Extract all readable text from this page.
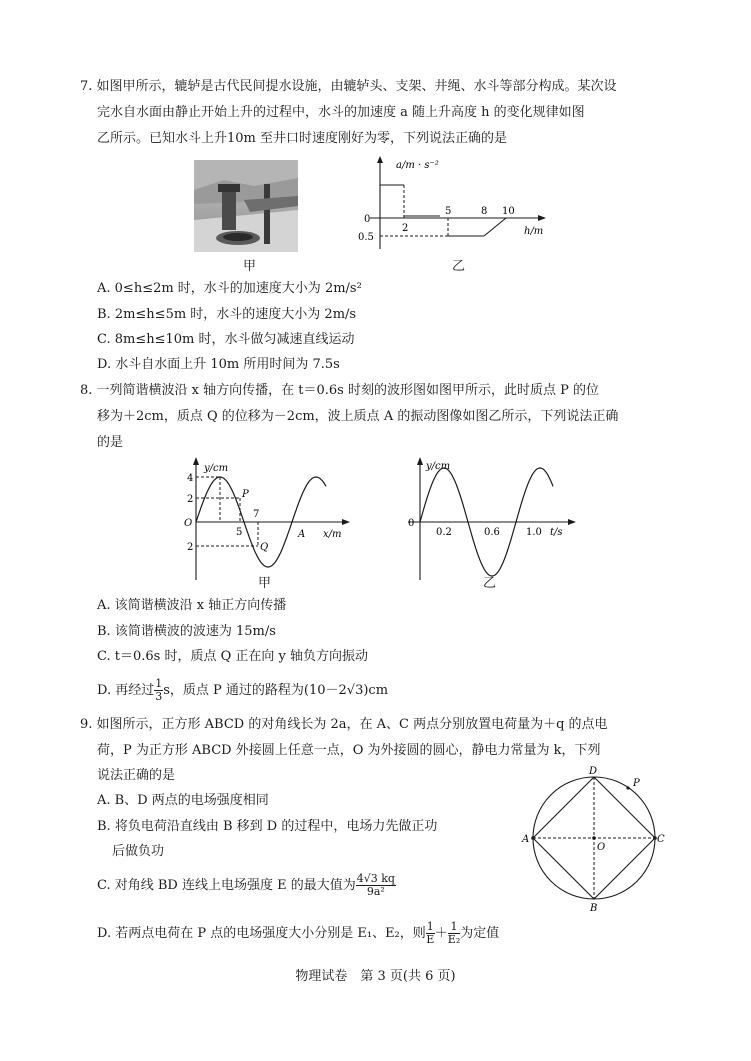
7. 如图甲所示，辘轳是古代民间提水设施，由辘轳头、支架、井绳、水斗等部分构成。某次设
完水自水面由静止开始上升的过程中，水斗的加速度 a 随上升高度 h 的变化规律如图
乙所示。已知水斗上升10m 至井口时速度刚好为零，下列说法正确的是
甲
a/m · s⁻²
h/m
0
0.5
2
5	8 10
乙
A. 0≤h≤2m 时，水斗的加速度大小为 2m/s²
B. 2m≤h≤5m 时，水斗的速度大小为 2m/s
C. 8m≤h≤10m 时，水斗做匀减速直线运动
D. 水斗自水面上升 10m 所用时间为 7.5s
8. 一列简谐横波沿 x 轴方向传播，在 t＝0.6s 时刻的波形图如图甲所示，此时质点 P 的位
移为＋2cm，质点 Q 的位移为－2cm，波上质点 A 的振动图像如图乙所示，下列说法正确
的是
y/cm
x/m
O
4
2
2
5
7
P
Q
A
甲
y/cm
0
0.2	0.6	1.0 t/s
乙
A. 该简谐横波沿 x 轴正方向传播
B. 该简谐横波的波速为 15m/s
C. t＝0.6s 时，质点 Q 正在向 y 轴负方向振动
D. 再经过 $\frac{1}{3}$ s，质点 P 通过的路程为(10－2√3)cm
9. 如图所示，正方形 ABCD 的对角线长为 2a，在 A、C 两点分别放置电荷量为＋q 的点电
荷，P 为正方形 ABCD 外接圆上任意一点，O 为外接圆的圆心，静电力常量为 k，下列
说法正确的是
A. B、D 两点的电场强度相同
B. 将负电荷沿直线由 B 移到 D 的过程中，电场力先做正功
后做负功
C. 对角线 BD 连线上电场强度 E 的最大值为 $\frac{4√3 kq}{\text{9a²}}$
D. 若两点电荷在 P 点的电场强度大小分别是 E₁、E₂，则 $\frac{1}{E} + \frac{1}{\text{E₂}}$ 为定值
D
A	C
B
O
P
物理试卷　第 3 页(共 6 页)
